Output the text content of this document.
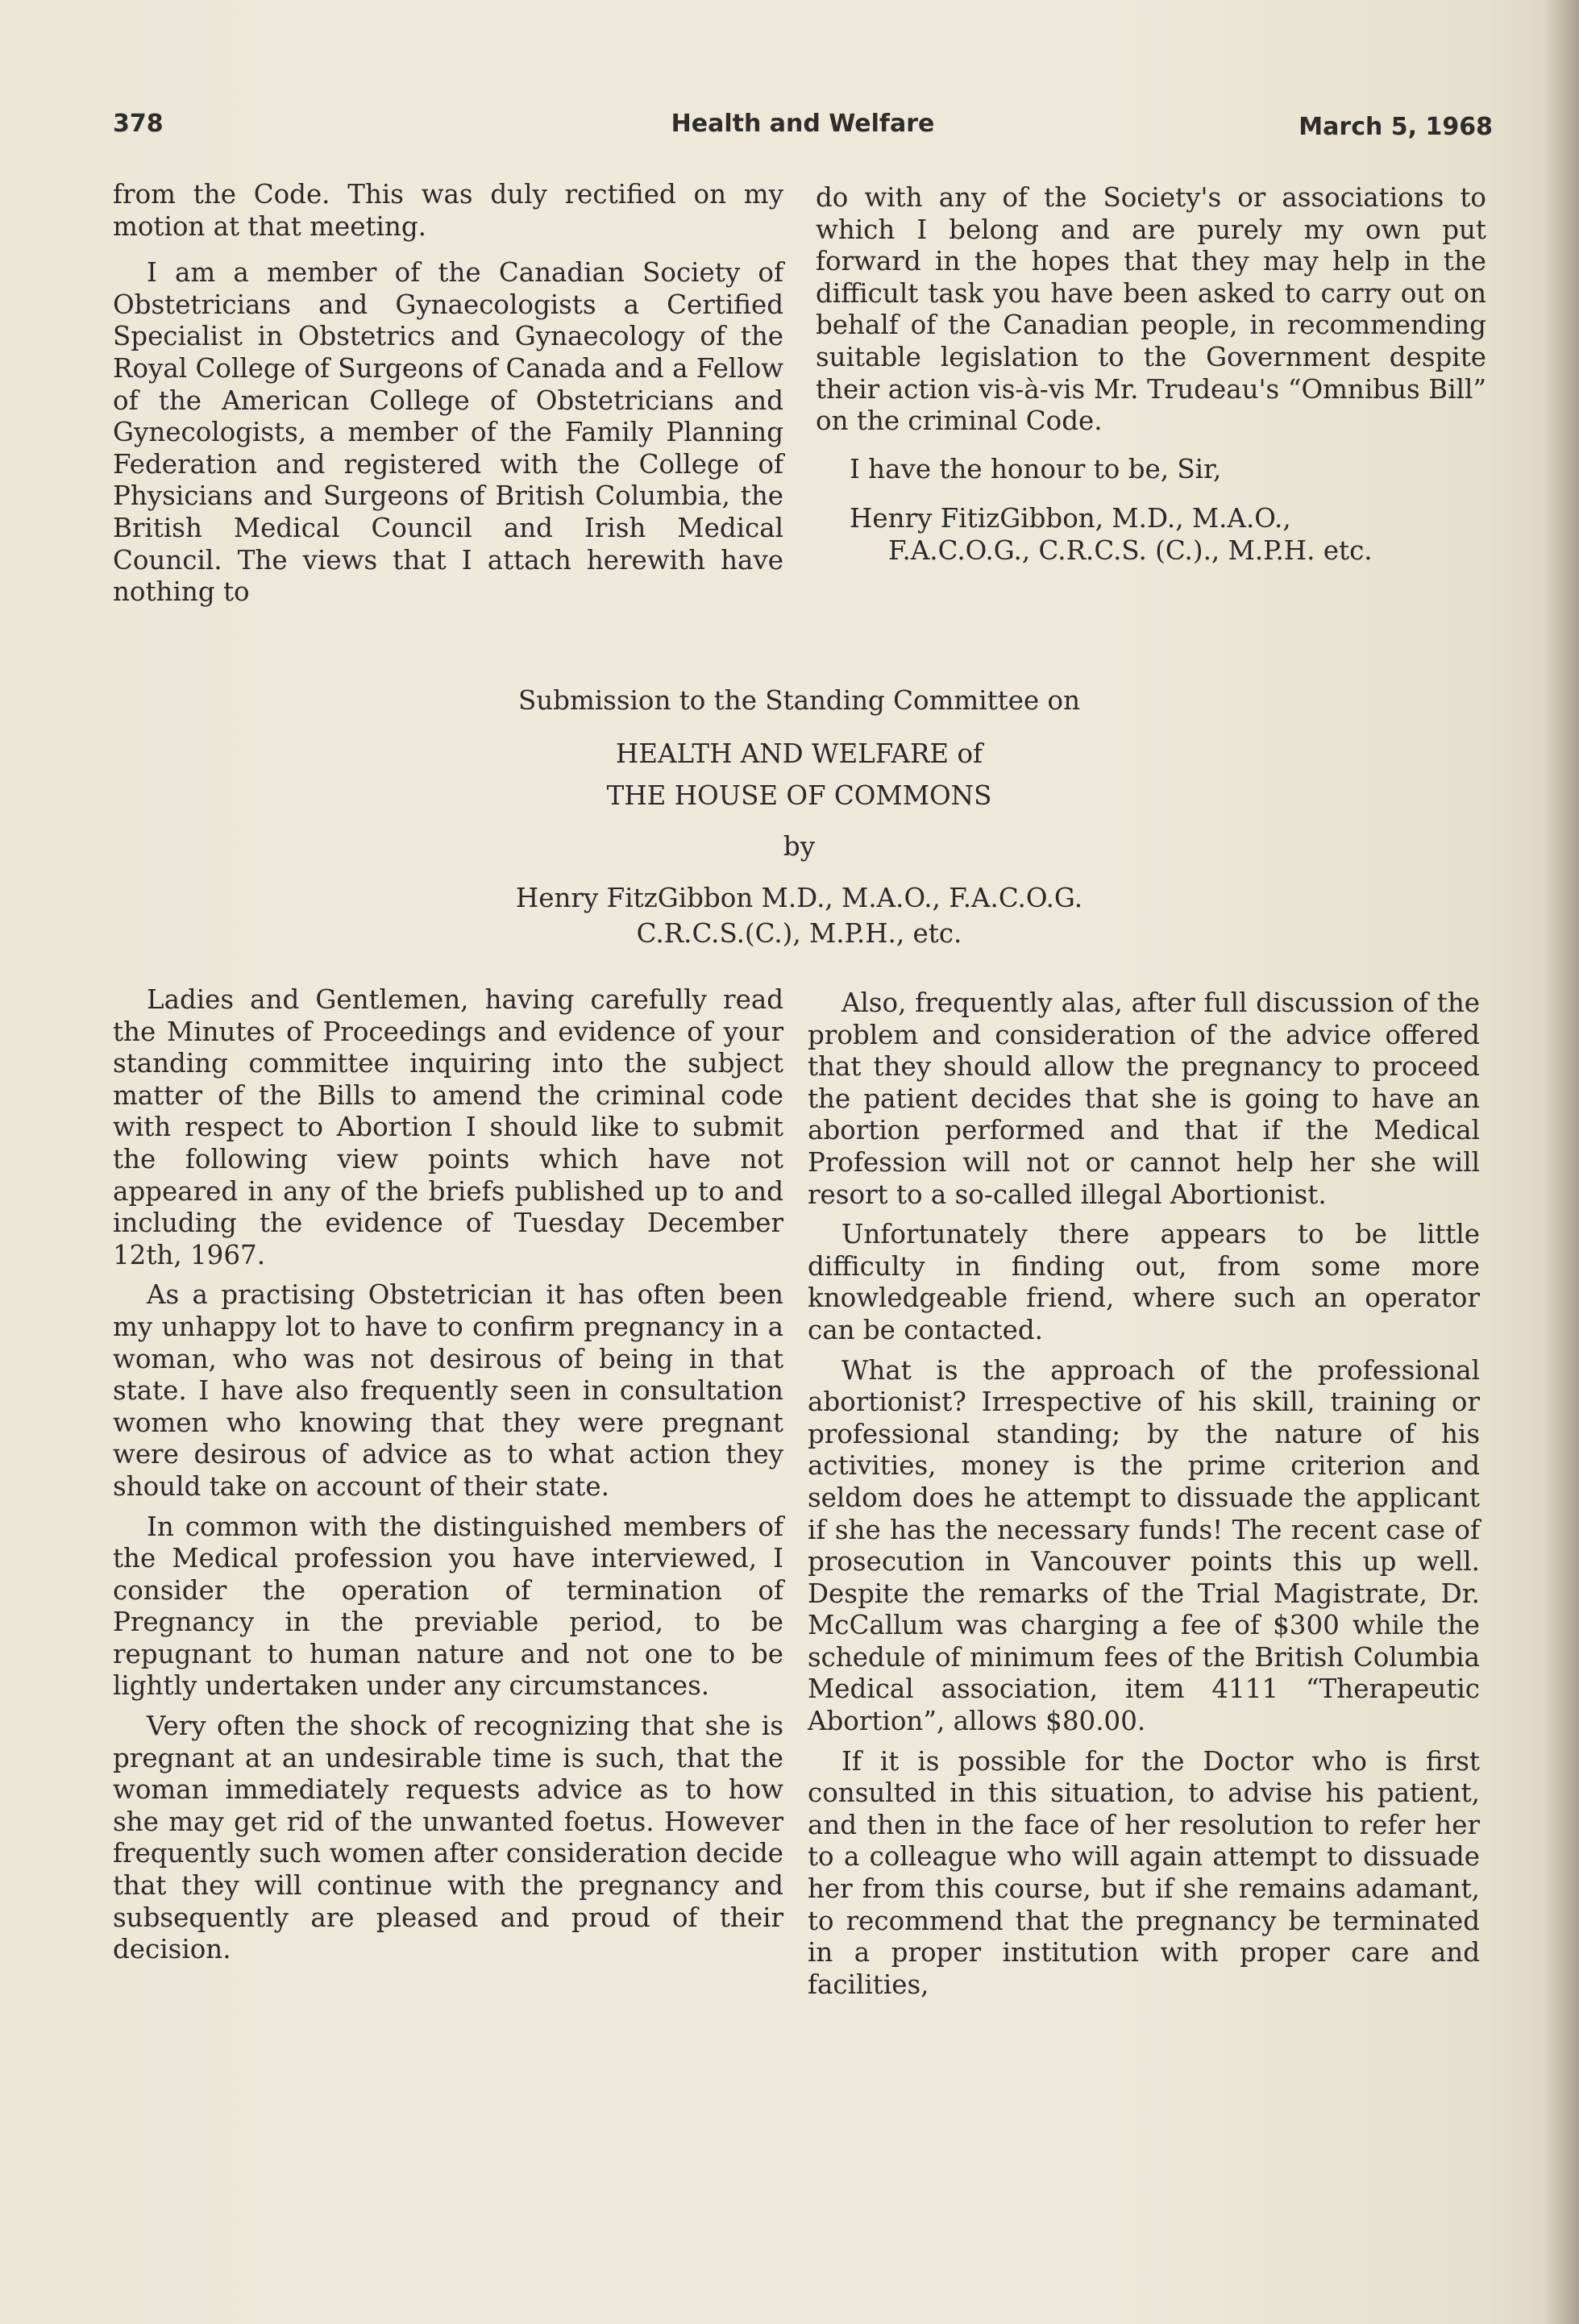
378	Health and Welfare	March 5, 1968

from the Code. This was duly rectified on my motion at that meeting.

I am a member of the Canadian Society of Obstetricians and Gynaecologists a Certified Specialist in Obstetrics and Gynaecology of the Royal College of Surgeons of Canada and a Fellow of the American College of Obstetricians and Gynecologists, a member of the Family Planning Federation and registered with the College of Physicians and Surgeons of British Columbia, the British Medical Council and Irish Medical Council. The views that I attach herewith have nothing to

do with any of the Society's or associations to which I belong and are purely my own put forward in the hopes that they may help in the difficult task you have been asked to carry out on behalf of the Canadian people, in recommending suitable legislation to the Government despite their action vis-à-vis Mr. Trudeau's “Omnibus Bill” on the criminal Code.

I have the honour to be, Sir,

Henry FitizGibbon, M.D., M.A.O.,

F.A.C.O.G., C.R.C.S. (C.)., M.P.H. etc.

Submission to the Standing Committee on
HEALTH AND WELFARE of
THE HOUSE OF COMMONS
by
Henry FitzGibbon M.D., M.A.O., F.A.C.O.G.
C.R.C.S.(C.), M.P.H., etc.

Ladies and Gentlemen, having carefully read the Minutes of Proceedings and evidence of your standing committee inquiring into the subject matter of the Bills to amend the criminal code with respect to Abortion I should like to submit the following view points which have not appeared in any of the briefs published up to and including the evidence of Tuesday December 12th, 1967.

As a practising Obstetrician it has often been my unhappy lot to have to confirm pregnancy in a woman, who was not desirous of being in that state. I have also frequently seen in consultation women who knowing that they were pregnant were desirous of advice as to what action they should take on account of their state.

In common with the distinguished members of the Medical profession you have interviewed, I consider the operation of termination of Pregnancy in the previable period, to be repugnant to human nature and not one to be lightly undertaken under any circumstances.

Very often the shock of recognizing that she is pregnant at an undesirable time is such, that the woman immediately requests advice as to how she may get rid of the unwanted foetus. However frequently such women after consideration decide that they will continue with the pregnancy and subsequently are pleased and proud of their decision.

Also, frequently alas, after full discussion of the problem and consideration of the advice offered that they should allow the pregnancy to proceed the patient decides that she is going to have an abortion performed and that if the Medical Profession will not or cannot help her she will resort to a so-called illegal Abortionist.

Unfortunately there appears to be little difficulty in finding out, from some more knowledgeable friend, where such an operator can be contacted.

What is the approach of the professional abortionist? Irrespective of his skill, training or professional standing; by the nature of his activities, money is the prime criterion and seldom does he attempt to dissuade the applicant if she has the necessary funds! The recent case of prosecution in Vancouver points this up well. Despite the remarks of the Trial Magistrate, Dr. McCallum was charging a fee of $300 while the schedule of minimum fees of the British Columbia Medical association, item 4111 “Therapeutic Abortion”, allows $80.00.

If it is possible for the Doctor who is first consulted in this situation, to advise his patient, and then in the face of her resolution to refer her to a colleague who will again attempt to dissuade her from this course, but if she remains adamant, to recommend that the pregnancy be terminated in a proper institution with proper care and facilities,
